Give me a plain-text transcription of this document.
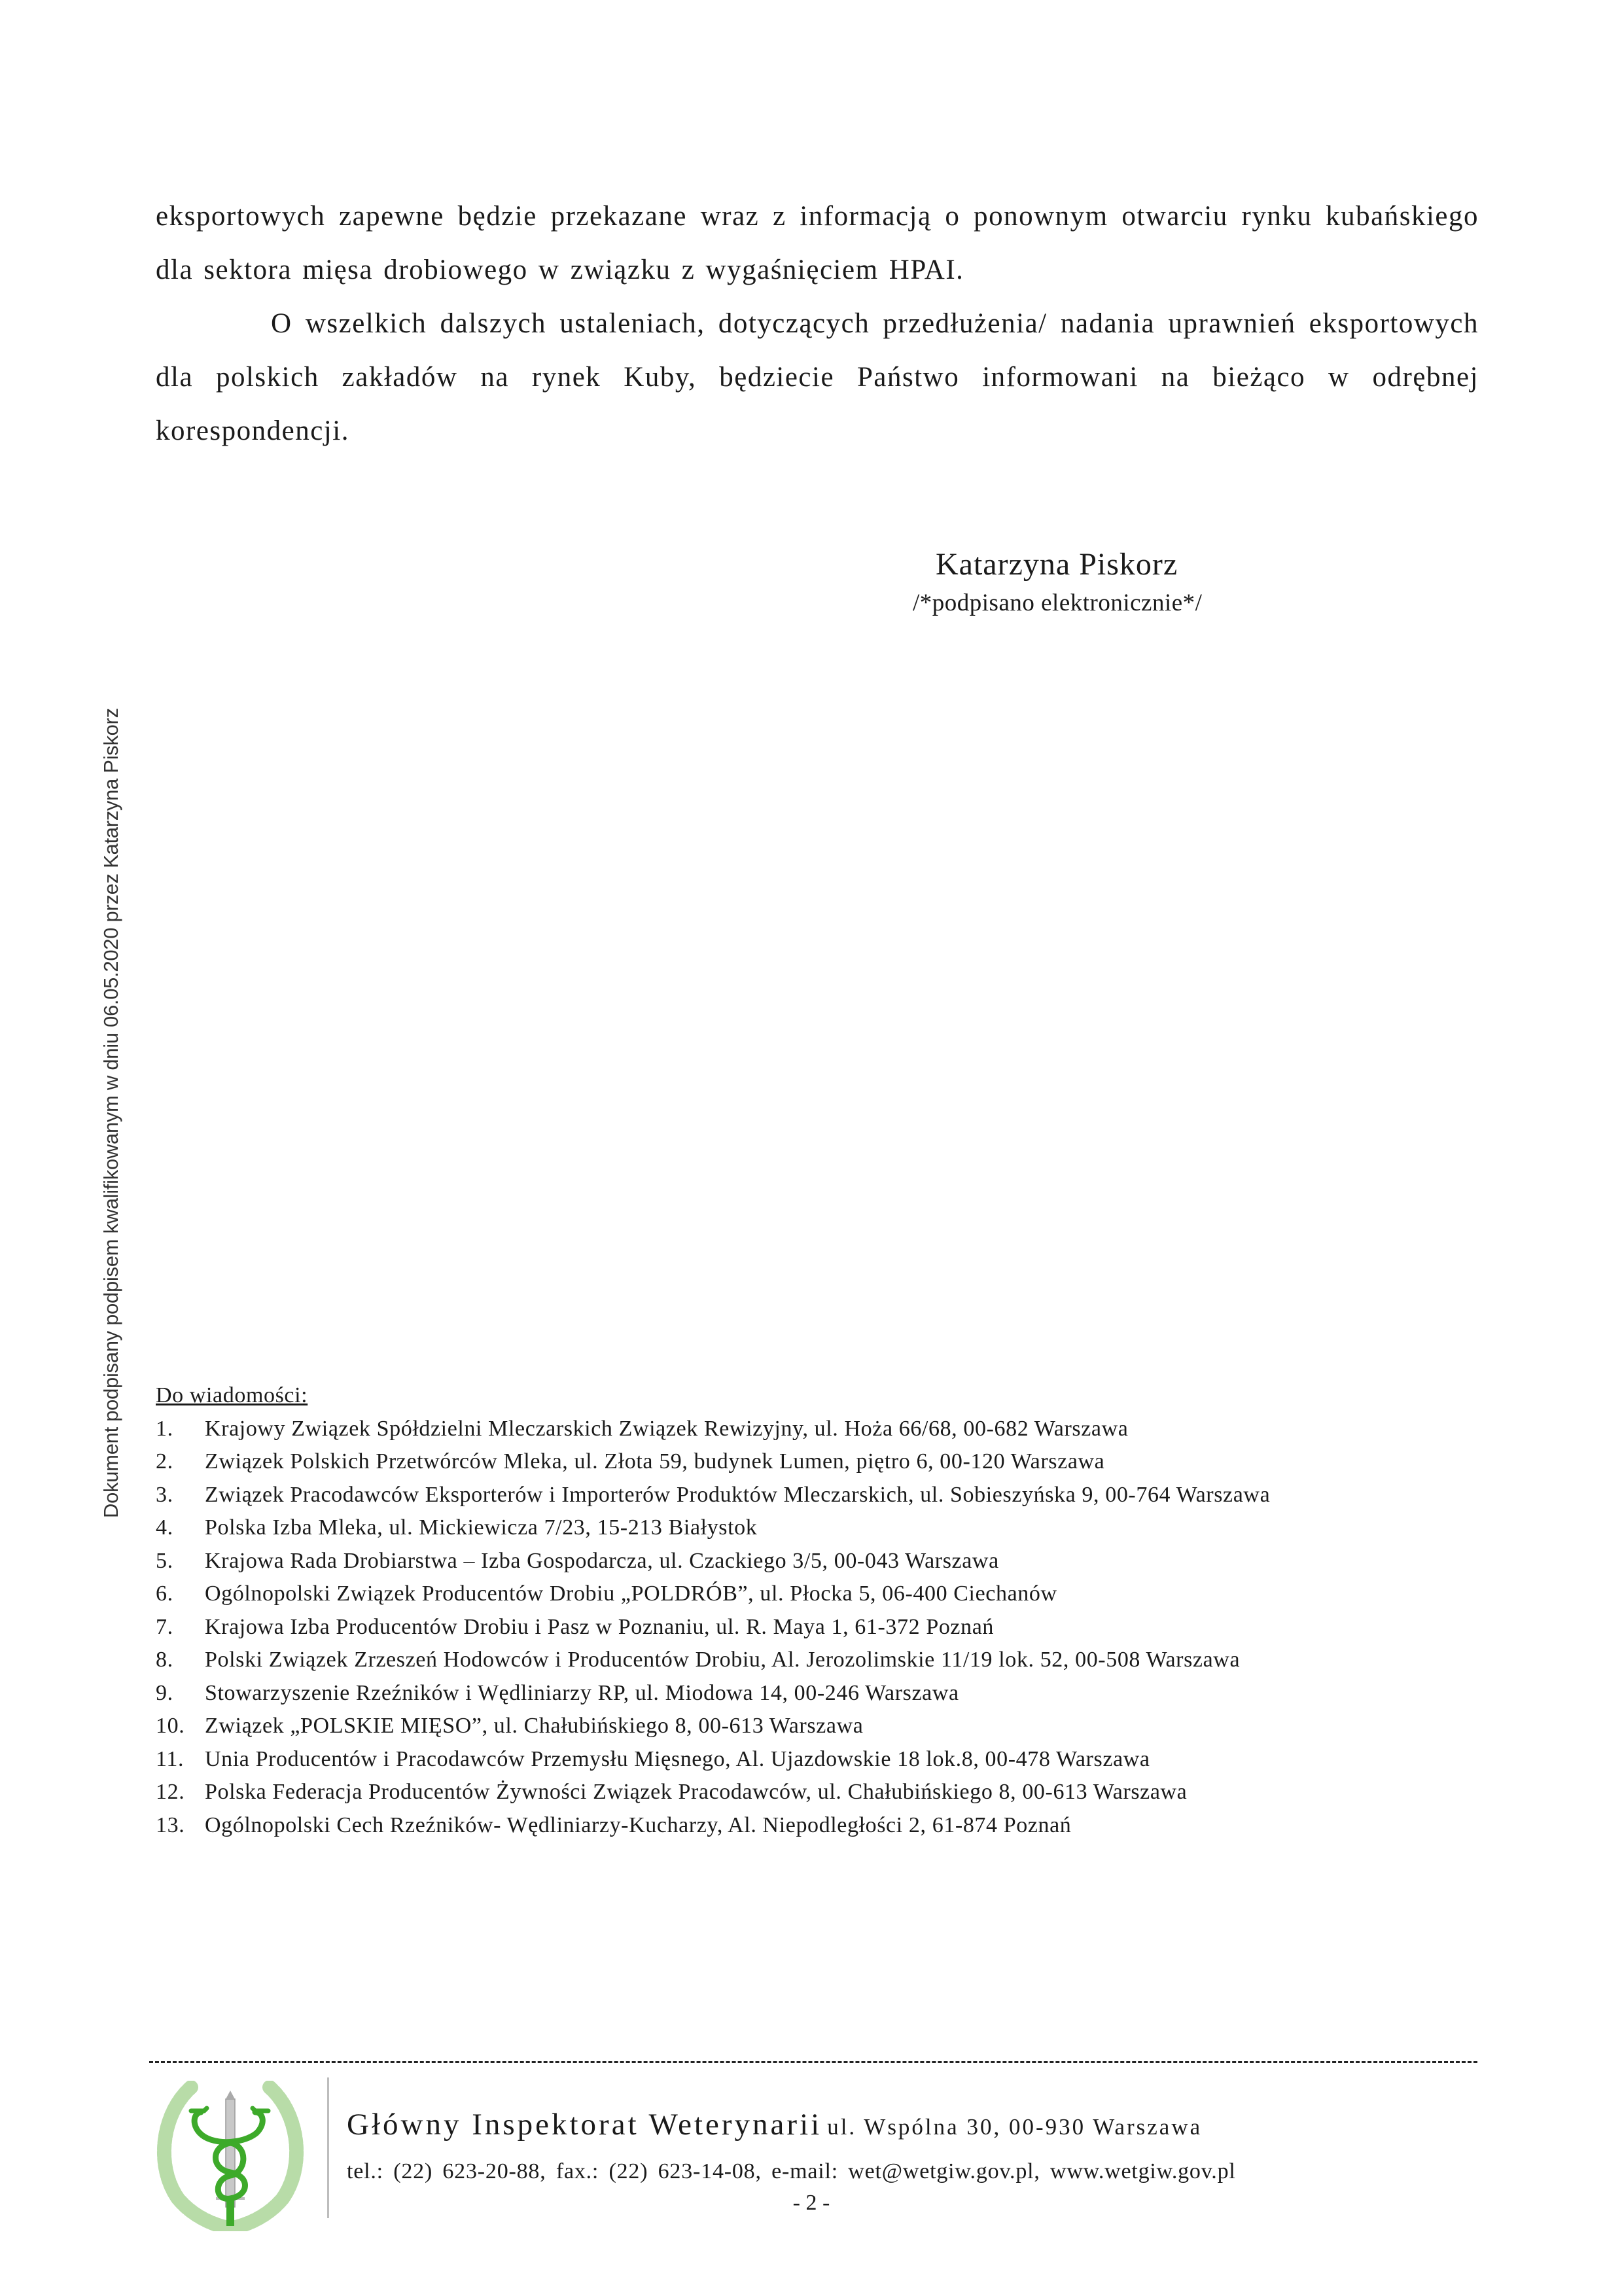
eksportowych zapewne będzie przekazane wraz z informacją o ponownym otwarciu rynku kubańskiego dla sektora mięsa drobiowego w związku z wygaśnięciem HPAI.

O wszelkich dalszych ustaleniach, dotyczących przedłużenia/ nadania uprawnień eksportowych dla polskich zakładów na rynek Kuby, będziecie Państwo informowani na bieżąco w odrębnej korespondencji.

Katarzyna Piskorz
/*podpisano elektronicznie*/
Dokument podpisany podpisem kwalifikowanym w dniu 06.05.2020 przez Katarzyna Piskorz Do wiadomości:
1.	Krajowy Związek Spółdzielni Mleczarskich Związek Rewizyjny, ul. Hoża 66/68, 00-682 Warszawa
2.	Związek Polskich Przetwórców Mleka, ul. Złota 59, budynek Lumen, piętro 6, 00-120 Warszawa
3.	Związek Pracodawców Eksporterów i Importerów Produktów Mleczarskich, ul. Sobieszyńska 9, 00-764 Warszawa
4.	Polska Izba Mleka, ul. Mickiewicza 7/23, 15-213 Białystok
5.	Krajowa Rada Drobiarstwa – Izba Gospodarcza, ul. Czackiego 3/5, 00-043 Warszawa
6.	Ogólnopolski Związek Producentów Drobiu „POLDRÓB”, ul. Płocka 5, 06-400 Ciechanów
7.	Krajowa Izba Producentów Drobiu i Pasz w Poznaniu, ul. R. Maya 1, 61-372 Poznań
8.	Polski Związek Zrzeszeń Hodowców i Producentów Drobiu, Al. Jerozolimskie 11/19 lok. 52, 00-508 Warszawa
9.	Stowarzyszenie Rzeźników i Wędliniarzy RP, ul. Miodowa 14, 00-246 Warszawa
10. Związek „POLSKIE MIĘSO”, ul. Chałubińskiego 8, 00-613 Warszawa
11. Unia Producentów i Pracodawców Przemysłu Mięsnego, Al. Ujazdowskie 18 lok.8, 00-478 Warszawa
12. Polska Federacja Producentów Żywności Związek Pracodawców, ul. Chałubińskiego 8, 00-613 Warszawa
13. Ogólnopolski Cech Rzeźników- Wędliniarzy-Kucharzy, Al. Niepodległości 2, 61-874 Poznań
Główny Inspektorat Weterynarii ul. Wspólna 30, 00-930 Warszawa
tel.: (22) 623-20-88, fax.: (22) 623-14-08, e-mail: wet@wetgiw.gov.pl, www.wetgiw.gov.pl
- 2 -
